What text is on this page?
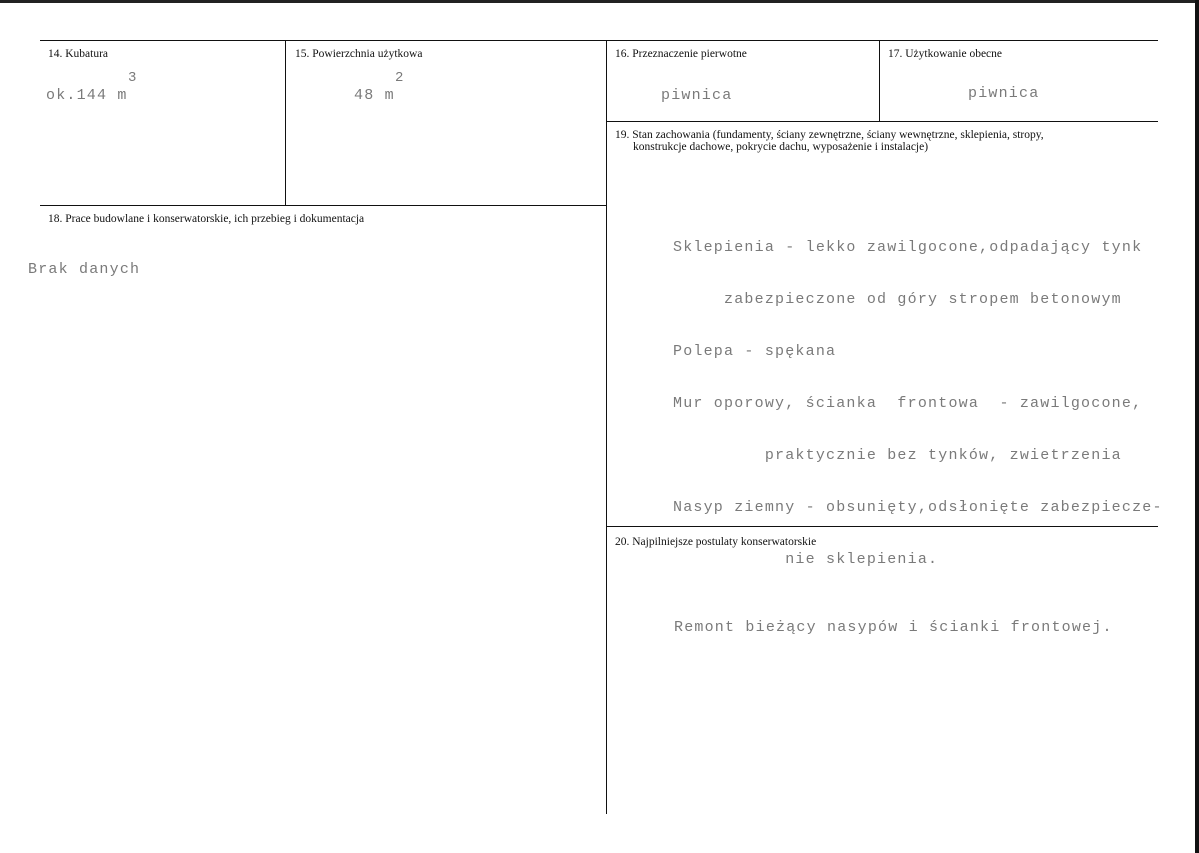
14. Kubatura
3
ok.144 m
15. Powierzchnia użytkowa
2
48 m
16. Przeznaczenie pierwotne
piwnica
17. Użytkowanie obecne
piwnica
18. Prace budowlane i konserwatorskie, ich przebieg i dokumentacja
Brak danych
19. Stan zachowania (fundamenty, ściany zewnętrzne, ściany wewnętrzne, sklepienia, stropy,
konstrukcje dachowe, pokrycie dachu, wyposażenie i instalacje)

Sklepienia - lekko zawilgocone,odpadający tynk

zabezpieczone od góry stropem betonowym

Polepa - spękana

Mur oporowy, ścianka  frontowa  - zawilgocone,

praktycznie bez tynków, zwietrzenia

Nasyp ziemny - obsunięty,odsłonięte zabezpiecze-

nie sklepienia.

20. Najpilniejsze postulaty konserwatorskie
Remont bieżący nasypów i ścianki frontowej.
